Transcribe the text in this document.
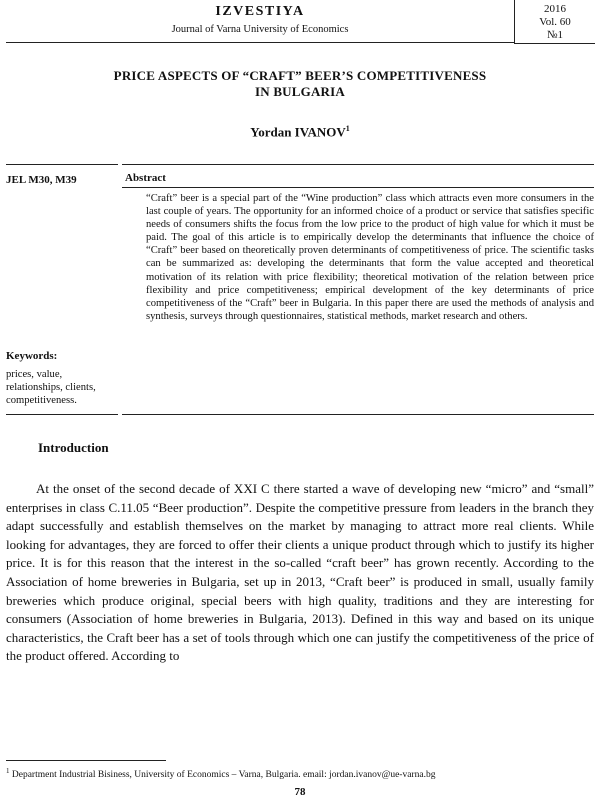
IZVESTIYA
Journal of Varna University of Economics
2016
Vol. 60
№1
PRICE ASPECTS OF “CRAFT” BEER’S COMPETITIVENESS
IN BULGARIA
Yordan IVANOV$^1$
JEL M30, M39	Abstract
“Craft” beer is a special part of the “Wine production” class which attracts even more consumers in the last couple of years. The opportunity for an informed choice of a product or service that satisfies specific needs of consumers shifts the focus from the low price to the product of high value for which it must be paid. The goal of this article is to empirically develop the determinants that influence the choice of “Craft” beer based on theoretically proven determinants of competitiveness of price. The scientific tasks can be summarized as: developing the determinants that form the value accepted and theoretical motivation of its relation with price flexibility; theoretical motivation of the relation between price flexibility and price competitiveness; empirical development of the key determinants of price competitiveness of the “Craft” beer in Bulgaria. In this paper there are used the methods of analysis and synthesis, surveys through questionnaires, statistical methods, market research and others.
Keywords:
prices, value, relationships, clients, competitiveness.
Introduction
At the onset of the second decade of XXI C there started a wave of developing new “micro” and “small” enterprises in class C.11.05 “Beer production”. Despite the competitive pressure from leaders in the branch they adapt successfully and establish themselves on the market by managing to attract more real clients. While looking for advantages, they are forced to offer their clients a unique product through which to justify its higher price. It is for this reason that the interest in the so-called “craft beer” has grown recently. According to the Association of home breweries in Bulgaria, set up in 2013, “Craft beer” is produced in small, usually family breweries which produce original, special beers with high quality, traditions and they are interesting for consumers (Association of home breweries in Bulgaria, 2013). Defined in this way and based on its unique characteristics, the Craft beer has a set of tools through which one can justify the competitiveness of the price of the product offered. According to
$^1$ Department Industrial Bisiness, University of Economics – Varna, Bulgaria. email: jordan.ivanov@ue-varna.bg
78
